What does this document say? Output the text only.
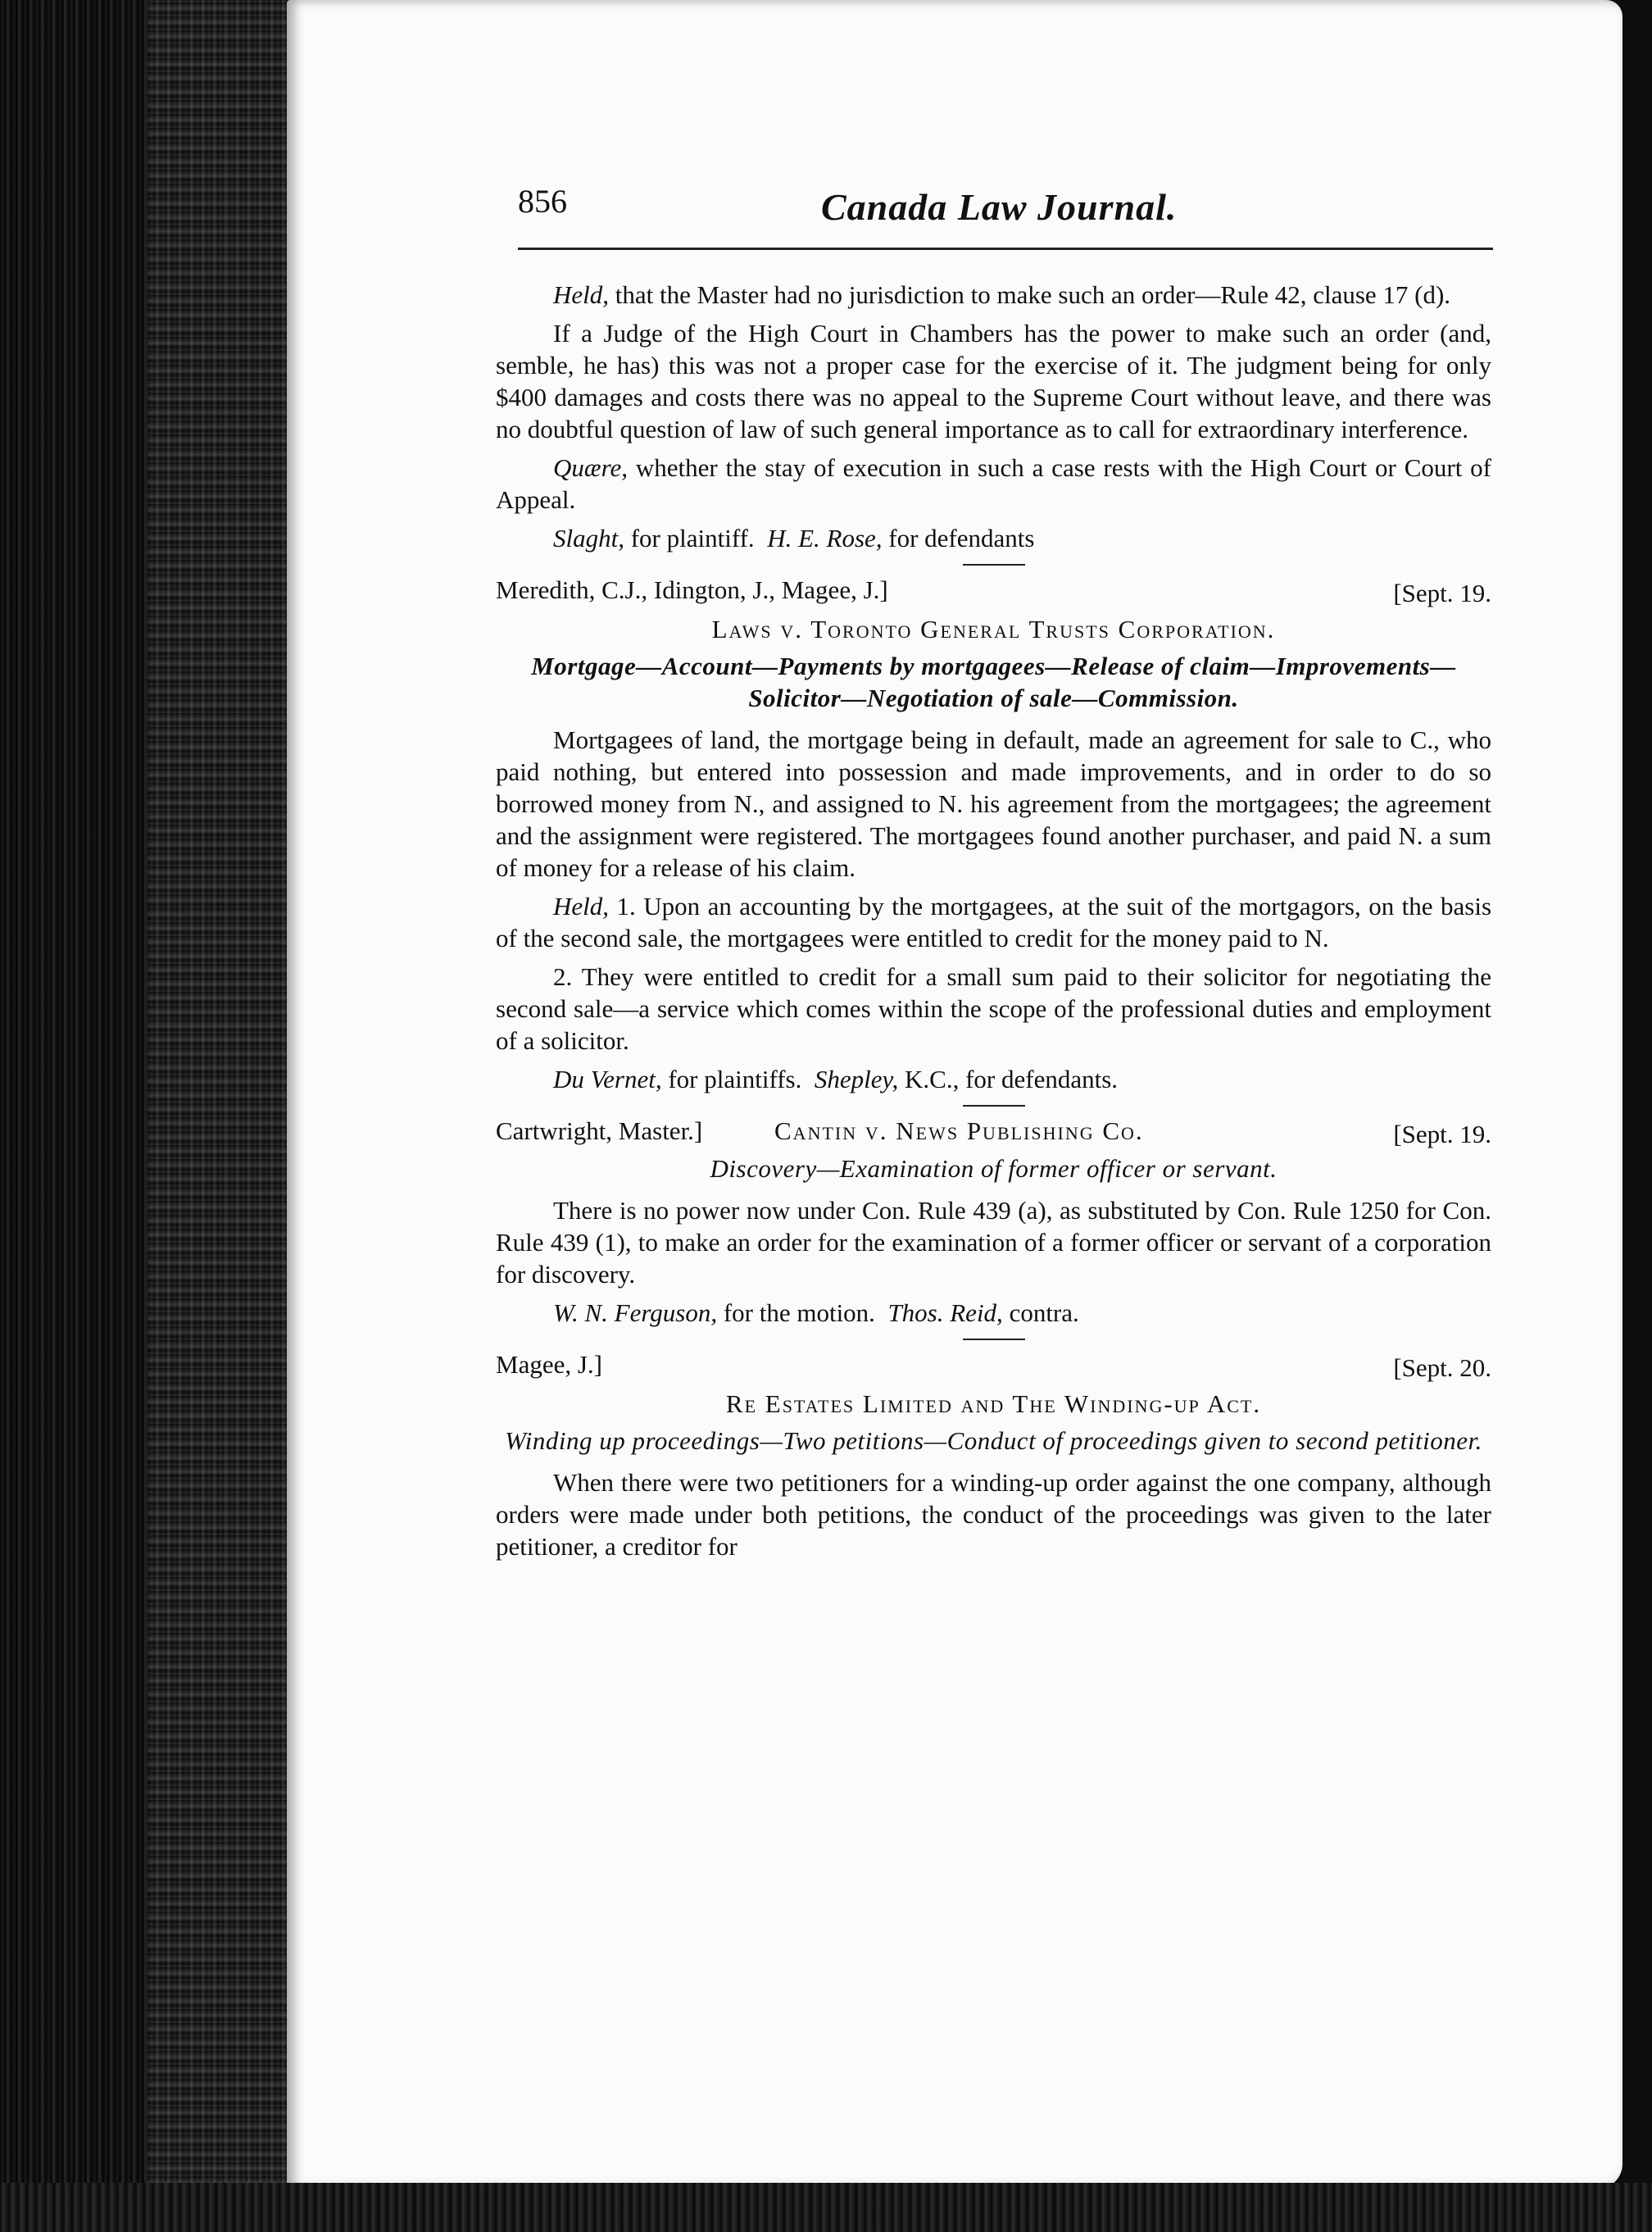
856	Canada Law Journal.

Held, that the Master had no jurisdiction to make such an order—Rule 42, clause 17 (d).

If a Judge of the High Court in Chambers has the power to make such an order (and, semble, he has) this was not a proper case for the exercise of it. The judgment being for only $400 damages and costs there was no appeal to the Supreme Court without leave, and there was no doubtful question of law of such general importance as to call for extraordinary interference.

Quære, whether the stay of execution in such a case rests with the High Court or Court of Appeal.

Slaght, for plaintiff. H. E. Rose, for defendants

Meredith, C.J., Idington, J., Magee, J.]	[Sept. 19.
Laws v. Toronto General Trusts Corporation.
Mortgage—Account—Payments by mortgagees—Release of claim—Improvements—Solicitor—Negotiation of sale—Commission.

Mortgagees of land, the mortgage being in default, made an agreement for sale to C., who paid nothing, but entered into possession and made improvements, and in order to do so borrowed money from N., and assigned to N. his agreement from the mortgagees; the agreement and the assignment were registered. The mortgagees found another purchaser, and paid N. a sum of money for a release of his claim.

Held, 1. Upon an accounting by the mortgagees, at the suit of the mortgagors, on the basis of the second sale, the mortgagees were entitled to credit for the money paid to N.

2. They were entitled to credit for a small sum paid to their solicitor for negotiating the second sale—a service which comes within the scope of the professional duties and employment of a solicitor.

Du Vernet, for plaintiffs. Shepley, K.C., for defendants.

Cartwright, Master.]	Cantin v. News Publishing Co.	[Sept. 19.
Discovery—Examination of former officer or servant.

There is no power now under Con. Rule 439 (a), as substituted by Con. Rule 1250 for Con. Rule 439 (1), to make an order for the examination of a former officer or servant of a corporation for discovery.

W. N. Ferguson, for the motion. Thos. Reid, contra.

Magee, J.]	[Sept. 20.
Re Estates Limited and The Winding-up Act.
Winding up proceedings—Two petitions—Conduct of proceedings given to second petitioner.

When there were two petitioners for a winding-up order against the one company, although orders were made under both petitions, the conduct of the proceedings was given to the later petitioner, a creditor for
